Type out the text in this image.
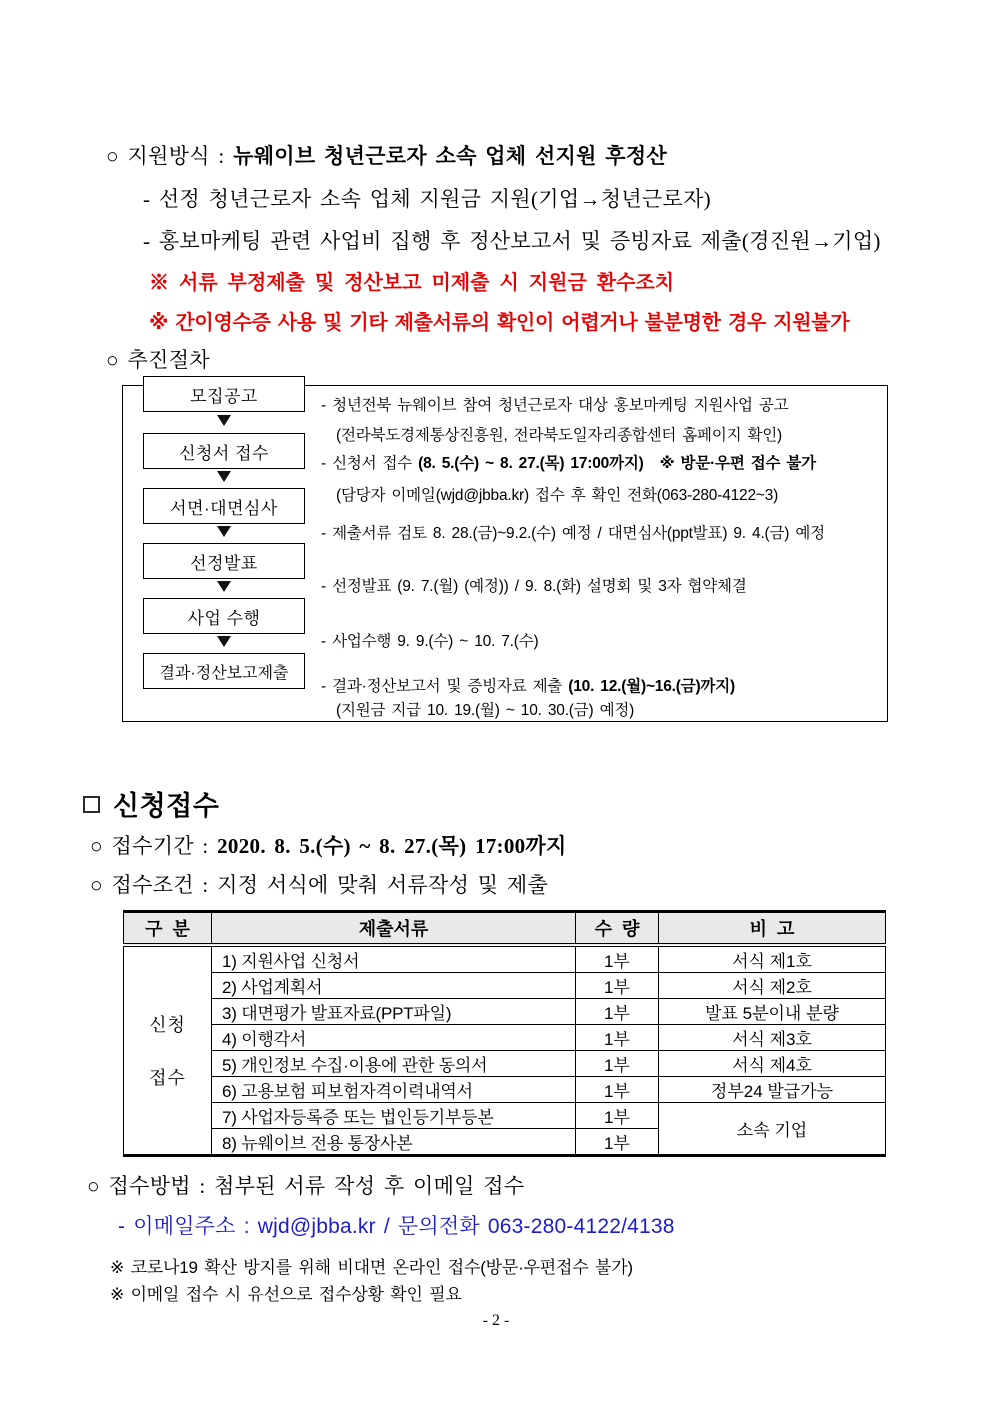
○ 지원방식 : 뉴웨이브 청년근로자 소속 업체 선지원 후정산
- 선정 청년근로자 소속 업체 지원금 지원(기업→청년근로자)
- 홍보마케팅 관련 사업비 집행 후 정산보고서 및 증빙자료 제출(경진원→기업)
※ 서류 부정제출 및 정산보고 미제출 시 지원금 환수조치
※ 간이영수증 사용 및 기타 제출서류의 확인이 어렵거나 불분명한 경우 지원불가
○ 추진절차
모집공고
신청서 접수
서면·대면심사
선정발표
사업 수행
결과·정산보고제출
- 청년전북 뉴웨이브 참여 청년근로자 대상 홍보마케팅 지원사업 공고
(전라북도경제통상진흥원, 전라북도일자리종합센터 홈페이지 확인)
- 신청서 접수 (8. 5.(수) ~ 8. 27.(목) 17:00까지) ※ 방문·우편 접수 불가
(담당자 이메일(wjd@jbba.kr) 접수 후 확인 전화(063-280-4122~3)
- 제출서류 검토 8. 28.(금)~9.2.(수) 예정 / 대면심사(ppt발표) 9. 4.(금) 예정
- 선정발표 (9. 7.(월) (예정)) / 9. 8.(화) 설명회 및 3자 협약체결
- 사업수행 9. 9.(수) ~ 10. 7.(수)
- 결과·정산보고서 및 증빙자료 제출 (10. 12.(월)~16.(금)까지)
(지원금 지급 10. 19.(월) ~ 10. 30.(금) 예정)
신청접수
○ 접수기간 : 2020. 8. 5.(수) ~ 8. 27.(목) 17:00까지
○ 접수조건 : 지정 서식에 맞춰 서류작성 및 제출
구  분	제출서류	수  량	비  고

신청
접수	1) 지원사업 신청서	1부	서식 제1호
	2) 사업계획서	1부	서식 제2호
	3) 대면평가 발표자료(PPT파일)	1부	발표 5분이내 분량
	4) 이행각서	1부	서식 제3호
	5) 개인정보 수집·이용에 관한 동의서	1부	서식 제4호
	6) 고용보험 피보험자격이력내역서	1부	정부24 발급가능
	7) 사업자등록증 또는 법인등기부등본	1부	소속 기업
	8) 뉴웨이브 전용 통장사본	1부	
○ 접수방법 : 첨부된 서류 작성 후 이메일 접수
- 이메일주소 : wjd@jbba.kr / 문의전화 063-280-4122/4138
※ 코로나19 확산 방지를 위해 비대면 온라인 접수(방문·우편접수 불가)
※ 이메일 접수 시 유선으로 접수상황 확인 필요
- 2 -
